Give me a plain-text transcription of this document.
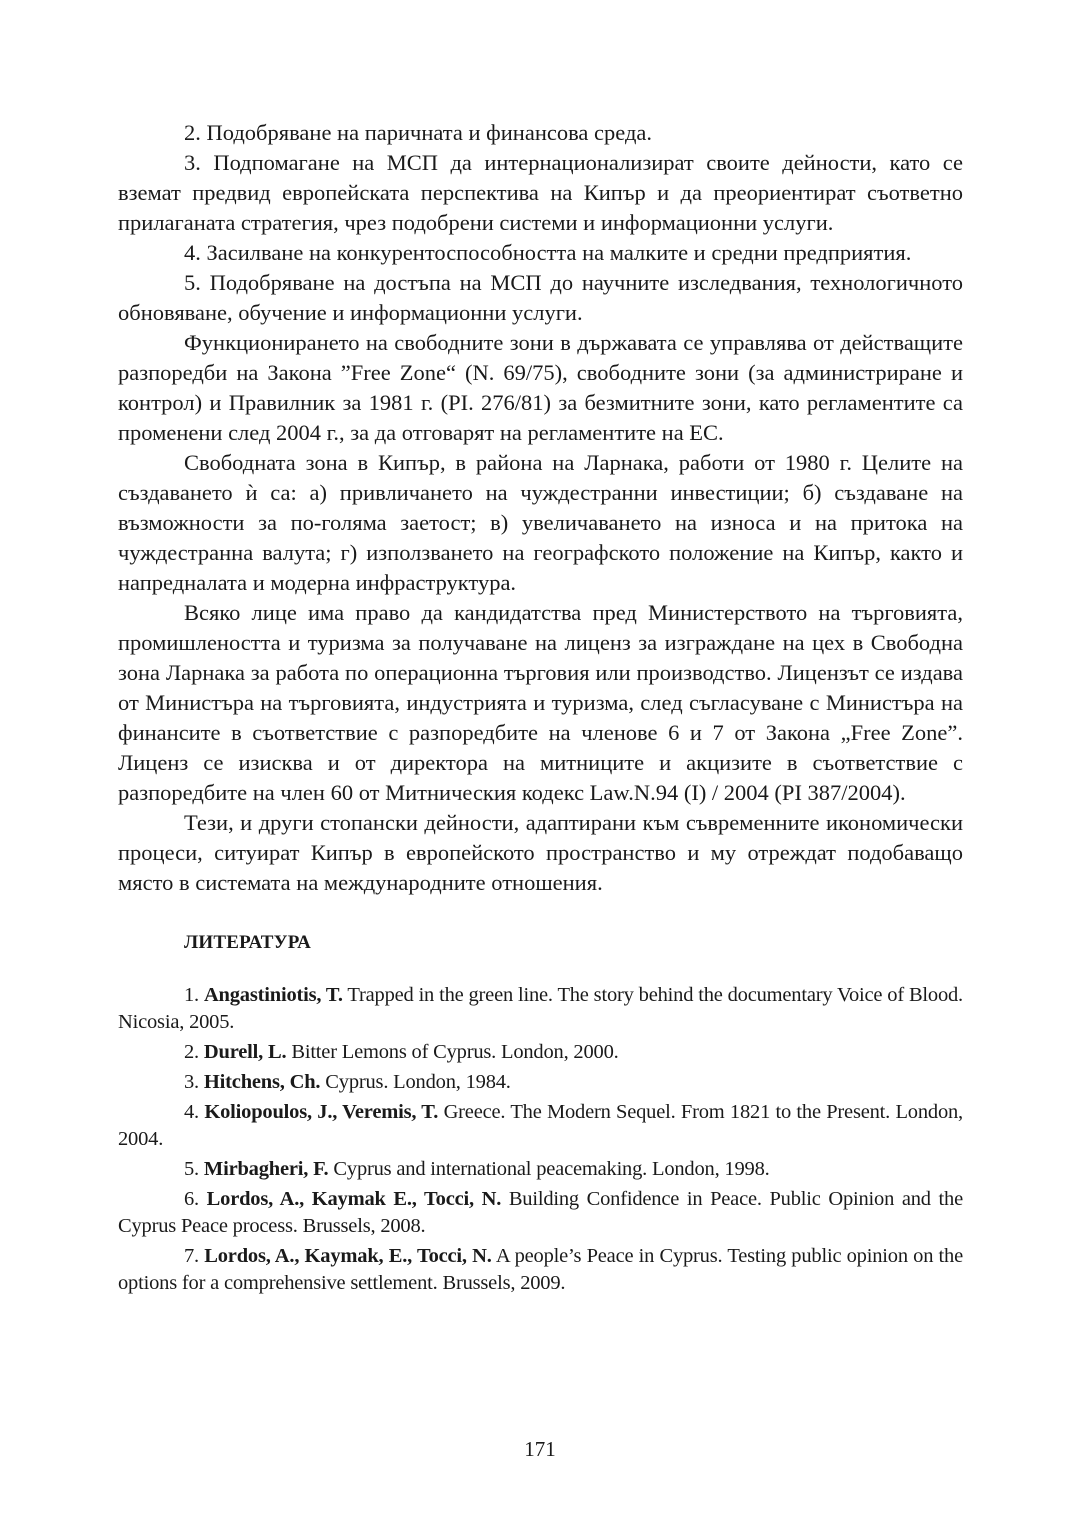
2. Подобряване на паричната и финансова среда.

3. Подпомагане на МСП да интернационализират своите дейности, като се вземат предвид европейската перспектива на Кипър и да преориентират съответно прилаганата стратегия, чрез подобрени системи и информационни услуги.

4. Засилване на конкурентоспособността на малките и средни предприятия.

5. Подобряване на достъпа на МСП до научните изследвания, технологичното обновяване, обучение и информационни услуги.

Функционирането на свободните зони в държавата се управлява от действащите разпоредби на Закона ”Free Zone“ (N. 69/75), свободните зони (за администриране и контрол) и Правилник за 1981 г. (PI. 276/81) за безмитните зони, като регламентите са променени след 2004 г., за да отговарят на регламентите на ЕС.

Свободната зона в Кипър, в района на Ларнака, работи от 1980 г. Целите на създаването ѝ са: а) привличането на чуждестранни инвестиции; б) създаване на възможности за по-голяма заетост; в) увеличаването на износа и на притока на чуждестранна валута; г) използването на географското положение на Кипър, както и напредналата и модерна инфраструктура.

Всяко лице има право да кандидатства пред Министерството на търговията, промишлеността и туризма за получаване на лиценз за изграждане на цех в Свободна зона Ларнака за работа по операционна търговия или производство. Лицензът се издава от Министъра на търговията, индустрията и туризма, след съгласуване с Министъра на финансите в съответствие с разпоредбите на членове 6 и 7 от Закона „Free Zone”. Лиценз се изисква и от директора на митниците и акцизите в съответствие с разпоредбите на член 60 от Митническия кодекс Law.N.94 (I) / 2004 (PI 387/2004).

Тези, и други стопански дейности, адаптирани към съвременните икономически процеси, ситуират Кипър в европейското пространство и му отреждат подобаващо място в системата на международните отношения.

ЛИТЕРАТУРА

1. Angastiniotis, T. Trapped in the green line. The story behind the documentary Voice of Blood. Nicosia, 2005.

2. Durell, L. Bitter Lemons of Cyprus. London, 2000.

3. Hitchens, Ch. Cyprus. London, 1984.

4. Koliopoulos, J., Veremis, T. Greece. The Modern Sequel. From 1821 to the Present. London, 2004.

5. Mirbagheri, F. Cyprus and international peacemaking. London, 1998.

6. Lordos, A., Kaymak E., Tocci, N. Building Confidence in Peace. Public Opinion and the Cyprus Peace process. Brussels, 2008.

7. Lordos, A., Kaymak, E., Tocci, N. A people’s Peace in Cyprus. Testing public opinion on the options for a comprehensive settlement. Brussels, 2009.

171
